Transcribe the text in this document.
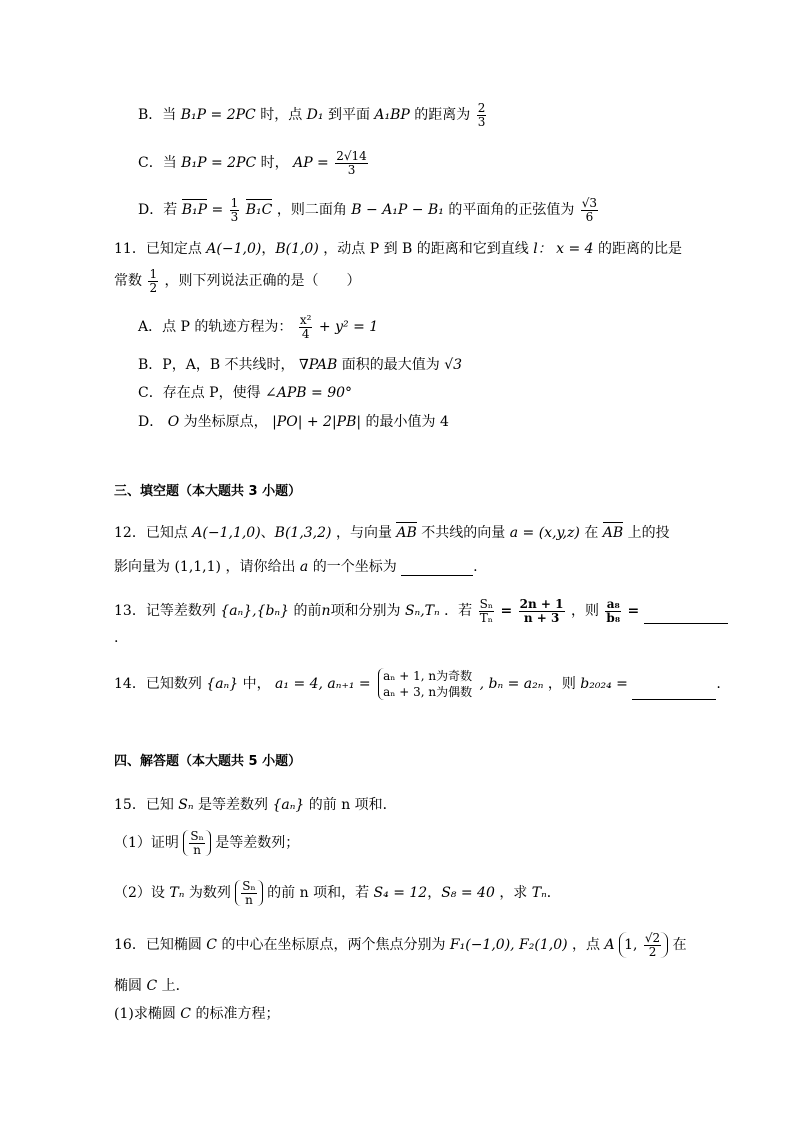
B．当 B₁P = 2PC 时，点 D₁ 到平面 A₁BP 的距离为 $\frac{2}{3}$
C．当 B₁P = 2PC 时， AP = $\frac{2√14}{3}$
D．若 $B_1P = \frac{1}{3} B_1C$ ，则二面角 B − A₁P − B₁ 的平面角的正弦值为 $\frac{√3}{6}$
11．已知定点 A(−1,0)，B(1,0) ，动点 P 到 B 的距离和它到直线 l： x = 4 的距离的比是
常数 $\frac{1}{2}$ ，则下列说法正确的是（　　）
A．点 P 的轨迹方程为： $\frac{\text{x²}}{4} + y^2 = 1$
B．P，A，B 不共线时， ∇PAB 面积的最大值为 √3
C．存在点 P，使得 ∠APB = 90°
D． O 为坐标原点， |PO| + 2|PB| 的最小值为 4
三、填空题（本大题共 3 小题）
12．已知点 A(−1,1,0)、B(1,3,2) ，与向量 AB 不共线的向量 a = (x,y,z) 在 AB 上的投
影向量为 (1,1,1) ，请你给出 a 的一个坐标为	.
13．记等差数列 {aₙ},{bₙ} 的前n项和分别为 Sₙ,Tₙ ．若 $\frac{\text{Sₙ}}{\text{Tₙ}} = \frac{2n + 1}{n + 3}$ ，则 $\frac{\text{a₈}}{\text{b₈}}$ =
.
14．已知数列 {aₙ} 中， a₁ = 4, aₙ₊₁ =
aₙ + 1, n为奇数
aₙ + 3, n为偶数 , bₙ = a₂ₙ ，则 b₂₀₂₄ =	.
四、解答题（本大题共 5 小题）
15．已知 Sₙ 是等差数列 {aₙ} 的前 n 项和．
（1）证明 $\frac{\text{Sₙ}}{n}$ 是等差数列；
（2）设 Tₙ 为数列 $\frac{\text{Sₙ}}{n}$ 的前 n 项和，若 S₄ = 12，S₈ = 40 ，求 Tₙ．
16．已知椭圆 C 的中心在坐标原点，两个焦点分别为 F₁(−1,0), F₂(1,0) ，点 A 1, $\frac{√2}{2}$ 在
椭圆 C 上．
(1)求椭圆 C 的标准方程；
